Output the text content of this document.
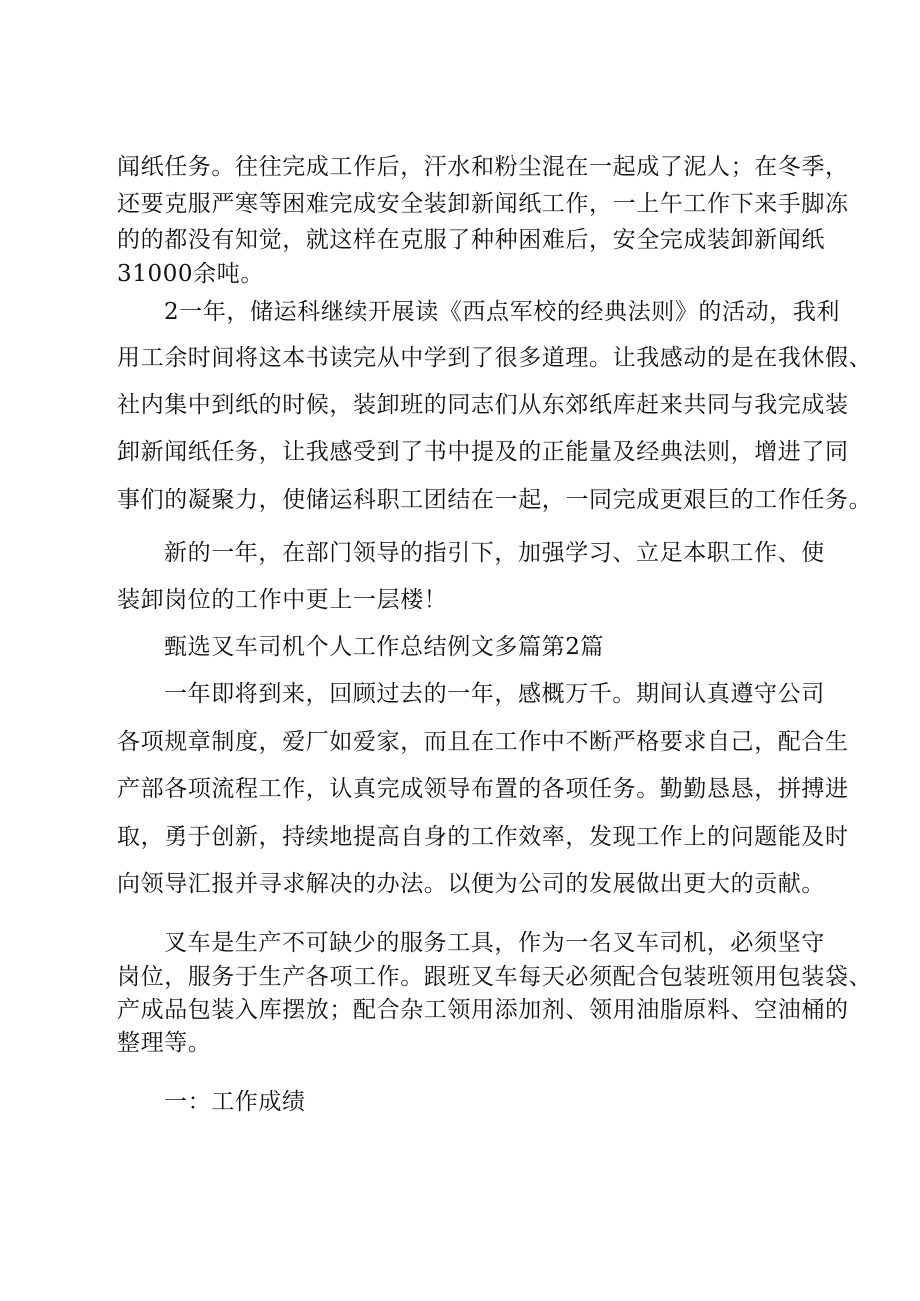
闻纸任务。往往完成工作后，汗水和粉尘混在一起成了泥人；在冬季，
还要克服严寒等困难完成安全装卸新闻纸工作，一上午工作下来手脚冻
的的都没有知觉，就这样在克服了种种困难后，安全完成装卸新闻纸
31000余吨。
2一年，储运科继续开展读《西点军校的经典法则》的活动，我利
用工余时间将这本书读完从中学到了很多道理。让我感动的是在我休假、
社内集中到纸的时候，装卸班的同志们从东郊纸库赶来共同与我完成装
卸新闻纸任务，让我感受到了书中提及的正能量及经典法则，增进了同
事们的凝聚力，使储运科职工团结在一起，一同完成更艰巨的工作任务。
新的一年，在部门领导的指引下，加强学习、立足本职工作、使
装卸岗位的工作中更上一层楼！
甄选叉车司机个人工作总结例文多篇第2篇
一年即将到来，回顾过去的一年，感概万千。期间认真遵守公司
各项规章制度，爱厂如爱家，而且在工作中不断严格要求自己，配合生
产部各项流程工作，认真完成领导布置的各项任务。勤勤恳恳，拼搏进
取，勇于创新，持续地提高自身的工作效率，发现工作上的问题能及时
向领导汇报并寻求解决的办法。以便为公司的发展做出更大的贡献。
叉车是生产不可缺少的服务工具，作为一名叉车司机，必须坚守
岗位，服务于生产各项工作。跟班叉车每天必须配合包装班领用包装袋、
产成品包装入库摆放；配合杂工领用添加剂、领用油脂原料、空油桶的
整理等。
一：工作成绩
